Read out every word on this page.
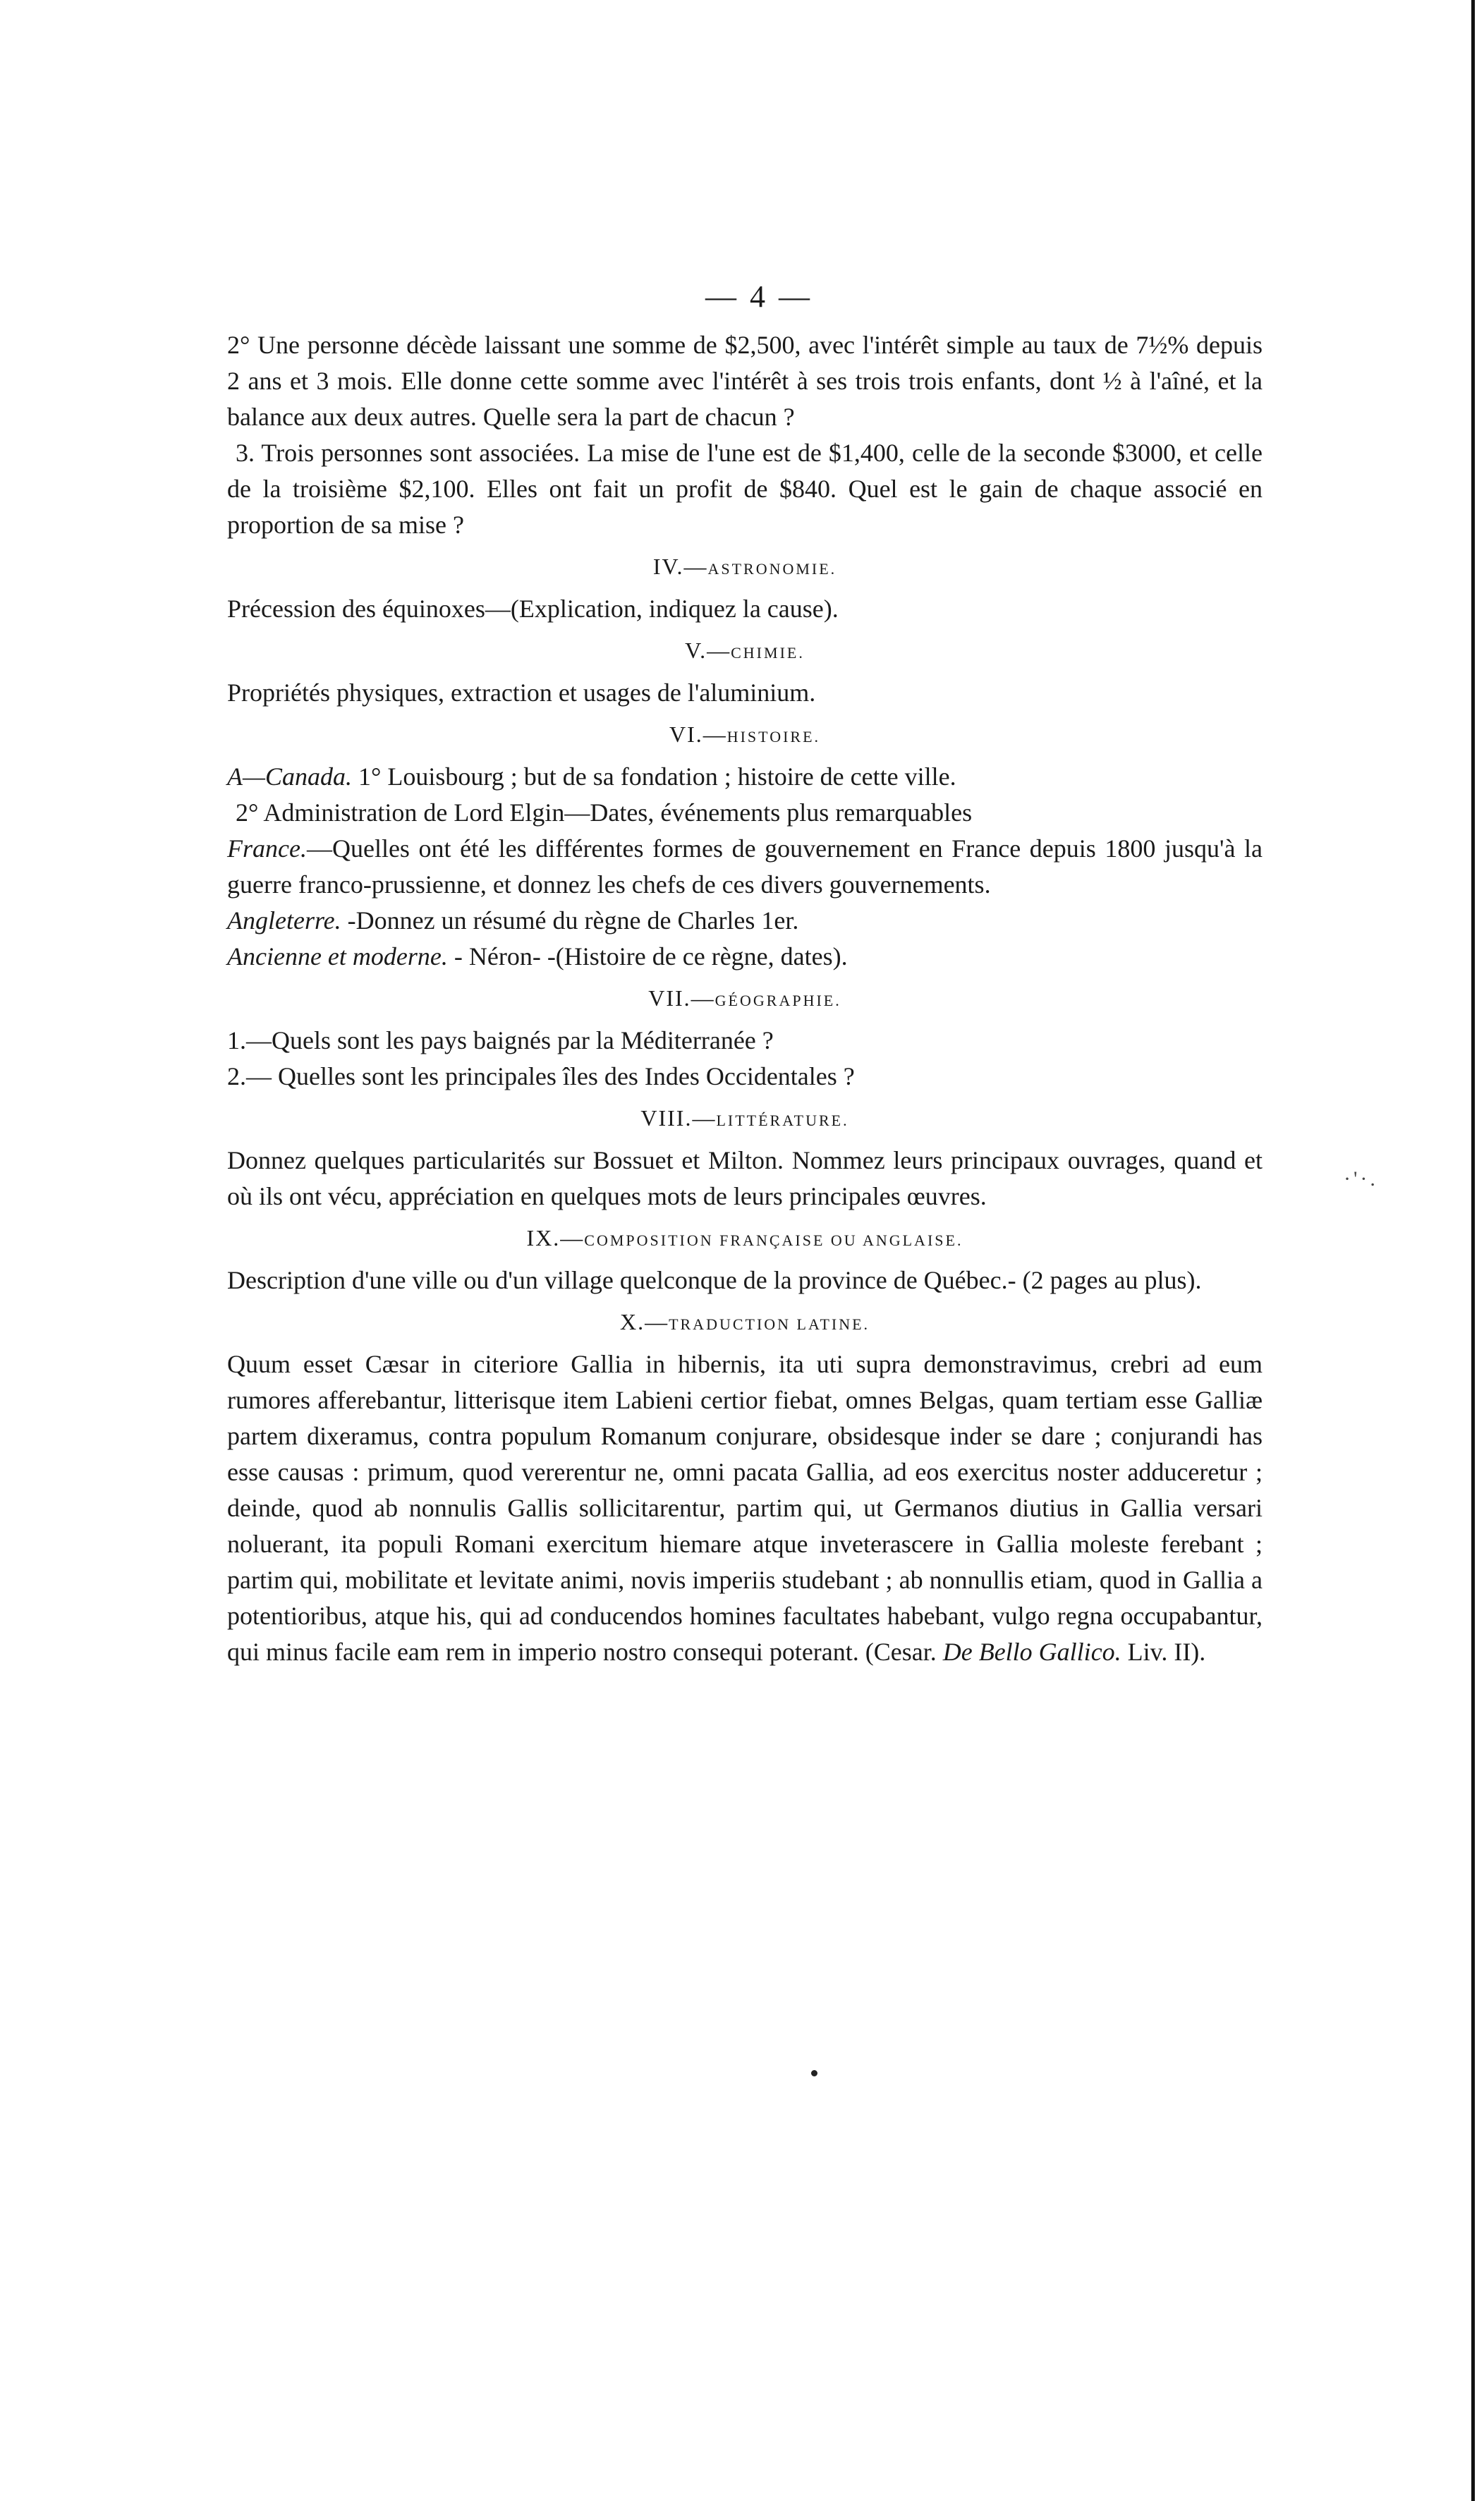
— 4 —

2° Une personne décède laissant une somme de $2,500, avec l'intérêt simple au taux de 7½% depuis 2 ans et 3 mois. Elle donne cette somme avec l'intérêt à ses trois trois enfants, dont ½ à l'aîné, et la balance aux deux autres. Quelle sera la part de chacun ?

3. Trois personnes sont associées. La mise de l'une est de $1,400, celle de la seconde $3000, et celle de la troisième $2,100. Elles ont fait un profit de $840. Quel est le gain de chaque associé en proportion de sa mise ?

IV.—ASTRONOMIE.

Précession des équinoxes—(Explication, indiquez la cause).

V.—CHIMIE.

Propriétés physiques, extraction et usages de l'aluminium.

VI.—HISTOIRE.

A—Canada. 1° Louisbourg ; but de sa fondation ; histoire de cette ville.

2° Administration de Lord Elgin—Dates, événements plus remarquables

France.—Quelles ont été les différentes formes de gouvernement en France depuis 1800 jusqu'à la guerre franco-prussienne, et donnez les chefs de ces divers gouvernements.

Angleterre. -Donnez un résumé du règne de Charles 1er.

Ancienne et moderne. - Néron- -(Histoire de ce règne, dates).

VII.—GÉOGRAPHIE.

1.—Quels sont les pays baignés par la Méditerranée ?

2.— Quelles sont les principales îles des Indes Occidentales ?

VIII.—LITTÉRATURE.

Donnez quelques particularités sur Bossuet et Milton. Nommez leurs principaux ouvrages, quand et où ils ont vécu, appréciation en quelques mots de leurs principales œuvres.

IX.—COMPOSITION FRANÇAISE OU ANGLAISE.

Description d'une ville ou d'un village quelconque de la province de Québec.- (2 pages au plus).

X.—TRADUCTION LATINE.

Quum esset Cæsar in citeriore Gallia in hibernis, ita uti supra demonstravimus, crebri ad eum rumores afferebantur, litterisque item Labieni certior fiebat, omnes Belgas, quam tertiam esse Galliæ partem dixeramus, contra populum Romanum conjurare, obsidesque inder se dare ; conjurandi has esse causas : primum, quod vererentur ne, omni pacata Gallia, ad eos exercitus noster adduceretur ; deinde, quod ab nonnulis Gallis sollicitarentur, partim qui, ut Germanos diutius in Gallia versari noluerant, ita populi Romani exercitum hiemare atque inveterascere in Gallia moleste ferebant ; partim qui, mobilitate et levitate animi, novis imperiis studebant ; ab nonnullis etiam, quod in Gallia a potentioribus, atque his, qui ad conducendos homines facultates habebant, vulgo regna occupabantur, qui minus facile eam rem in imperio nostro consequi poterant. (Cesar. De Bello Gallico. Liv. II).

·'·.
